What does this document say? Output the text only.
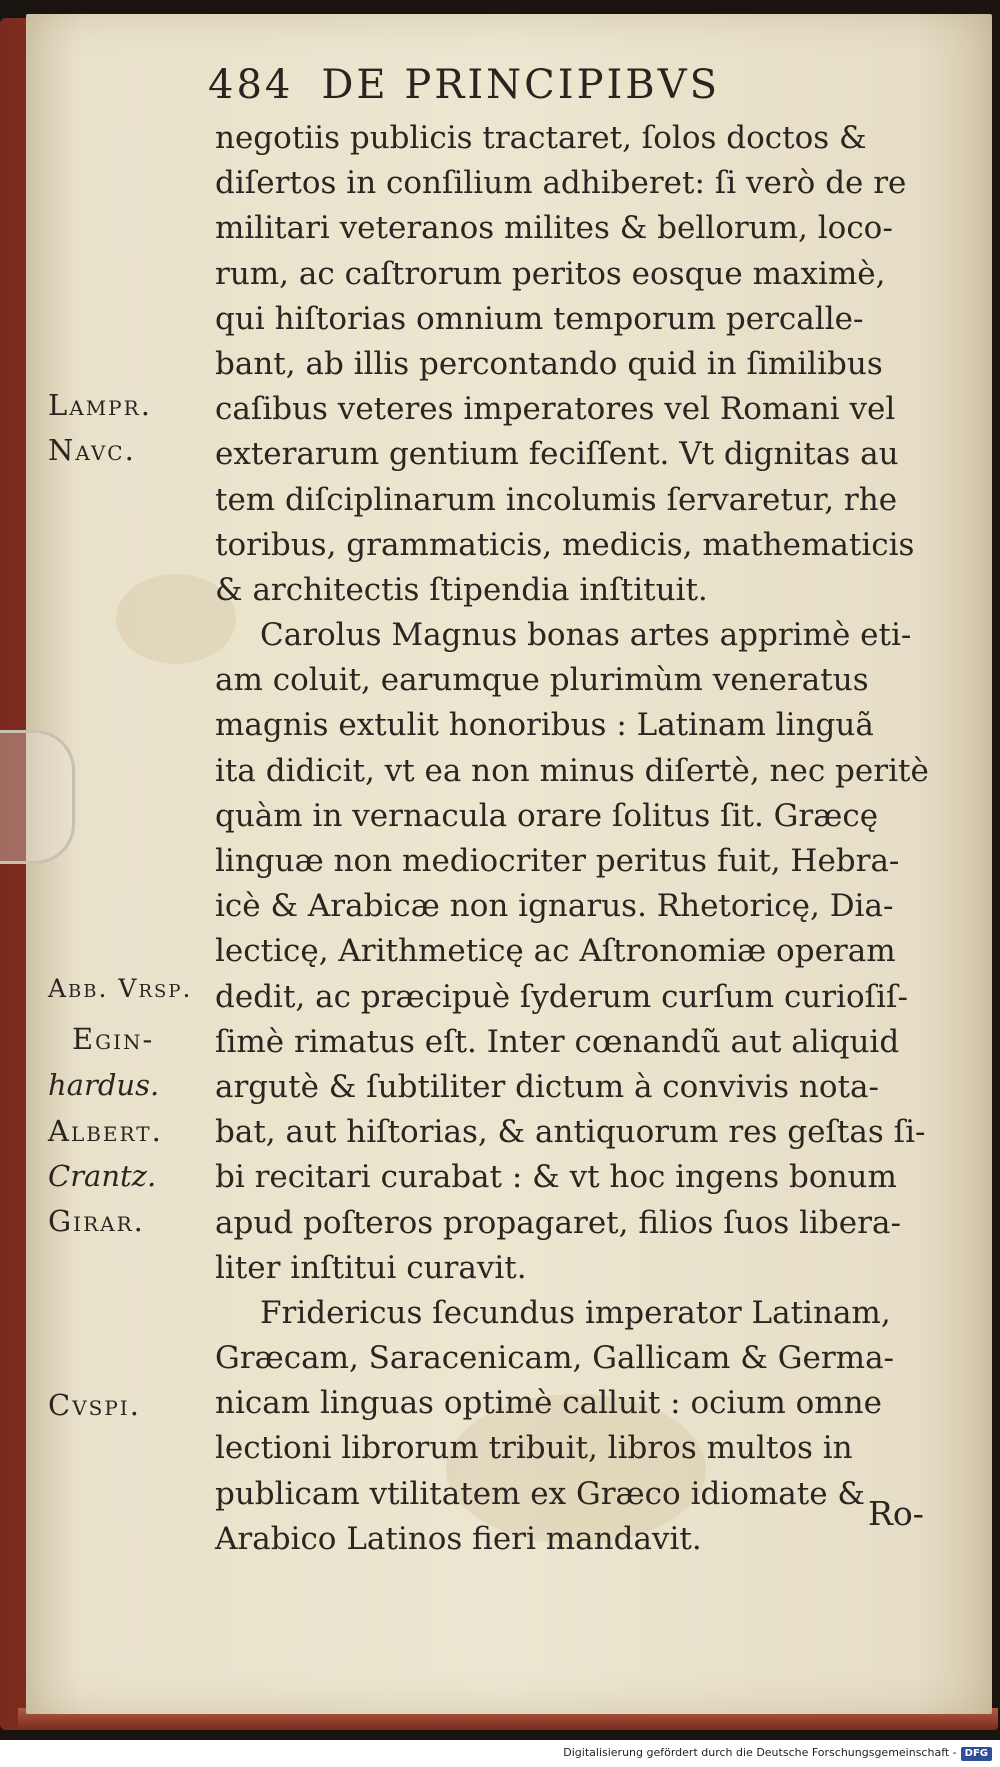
484 DE PRINCIPIBVS
negotiis publicis tractaret, ſolos doctos &
diſertos in conſilium adhiberet: ſi verò de re
militari veteranos milites & bellorum, loco-
rum, ac caſtrorum peritos eosque maximè,
qui hiſtorias omnium temporum percalle-
bant, ab illis percontando quid in ſimilibus
caſibus veteres imperatores vel Romani vel
exterarum gentium feciſſent. Vt dignitas au
tem diſciplinarum incolumis ſervaretur, rhe
toribus, grammaticis, medicis, mathematicis
& architectis ſtipendia inſtituit.
Carolus Magnus bonas artes apprimè eti-
am coluit, earumque plurimùm veneratus
magnis extulit honoribus : Latinam linguã
ita didicit, vt ea non minus diſertè, nec peritè
quàm in vernacula orare ſolitus ſit. Græcę
linguæ non mediocriter peritus fuit, Hebra-
icè & Arabicæ non ignarus. Rhetoricę, Dia-
lecticę, Arithmeticę ac Aſtronomiæ operam
dedit, ac præcipuè ſyderum curſum curioſiſ-
ſimè rimatus eſt. Inter cœnandũ aut aliquid
argutè & ſubtiliter dictum à convivis nota-
bat, aut hiſtorias, & antiquorum res geſtas ſi-
bi recitari curabat : & vt hoc ingens bonum
apud poſteros propagaret, filios ſuos libera-
liter inſtitui curavit.
Fridericus ſecundus imperator Latinam,
Græcam, Saracenicam, Gallicam & Germa-
nicam linguas optimè calluit : ocium omne
lectioni librorum tribuit, libros multos in
publicam vtilitatem ex Græco idiomate &
Arabico Latinos fieri mandavit.
Lampr.
Navc.
Abb. Vrſp.
Egin-
hardus.
Albert.
Crantz.
Girar.
Cvspi.
Ro-
Digitalisierung gefördert durch die Deutsche Forschungsgemeinschaft - DFG
